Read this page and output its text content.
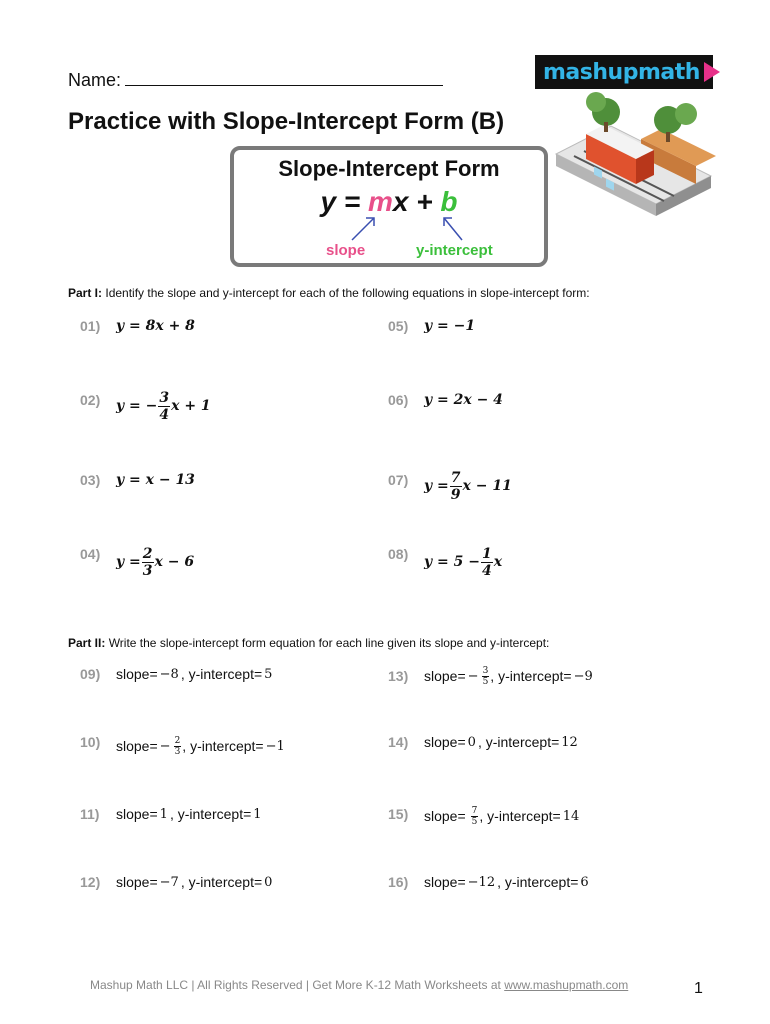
Name:	mashupmath
Practice with Slope-Intercept Form (B)
Slope-Intercept Form
y = mx + b
slope	y-intercept
Part I: Identify the slope and y-intercept for each of the following equations in slope-intercept form:
01) y = 8x + 8
02) y = − $\frac{3}{4}$ x + 1
03) y = x − 13
04) $y = \frac{2}{3}$ x − 6
05) y = −1
06) y = 2x − 4
07) $y = \frac{7}{9}$ x − 11
08) $y = 5 - \frac{1}{4}$ x
Part II: Write the slope-intercept form equation for each line given its slope and y-intercept:
09) slope= −8 , y-intercept= 5
10) slope= − $\frac{2}{3}$ , y-intercept= −1
11) slope= 1 , y-intercept= 1
12) slope= −7 , y-intercept= 0
13) slope= − $\frac{3}{5}$ , y-intercept= −9
14) slope= 0 , y-intercept= 12
15) slope= 7
5 , y-intercept= 14
16) slope= −12 , y-intercept= 6
Mashup Math LLC | All Rights Reserved | Get More K-12 Math Worksheets at www.mashupmath.com	1
